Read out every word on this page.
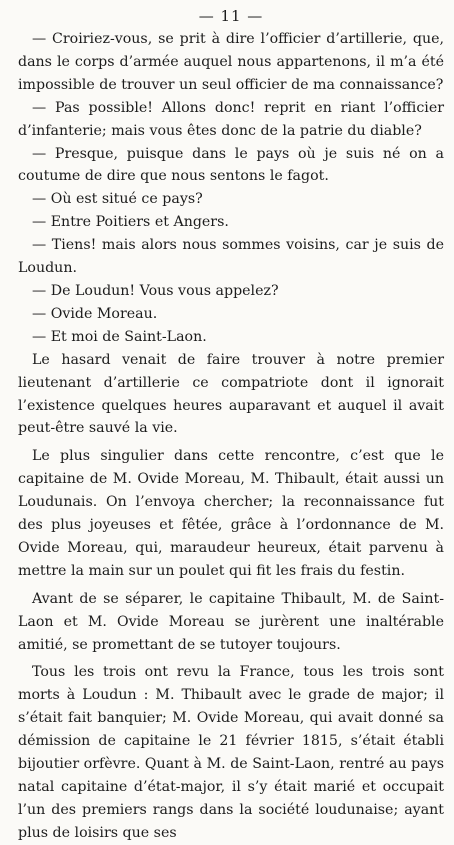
— 11 —

— Croiriez-vous, se prit à dire l’officier d’artillerie, que, dans le corps d’armée auquel nous appartenons, il m’a été impossible de trouver un seul officier de ma connaissance?

— Pas possible! Allons donc! reprit en riant l’officier d’infanterie; mais vous êtes donc de la patrie du diable?

— Presque, puisque dans le pays où je suis né on a coutume de dire que nous sentons le fagot.

— Où est situé ce pays?

— Entre Poitiers et Angers.

— Tiens! mais alors nous sommes voisins, car je suis de Loudun.

— De Loudun! Vous vous appelez?

— Ovide Moreau.

— Et moi de Saint-Laon.

Le hasard venait de faire trouver à notre premier lieutenant d’artillerie ce compatriote dont il ignorait l’existence quelques heures auparavant et auquel il avait peut-être sauvé la vie.

Le plus singulier dans cette rencontre, c’est que le capitaine de M. Ovide Moreau, M. Thibault, était aussi un Loudunais. On l’envoya chercher; la reconnaissance fut des plus joyeuses et fêtée, grâce à l’ordonnance de M. Ovide Moreau, qui, maraudeur heureux, était parvenu à mettre la main sur un poulet qui fit les frais du festin.

Avant de se séparer, le capitaine Thibault, M. de Saint-Laon et M. Ovide Moreau se jurèrent une inaltérable amitié, se promettant de se tutoyer toujours.

Tous les trois ont revu la France, tous les trois sont morts à Loudun : M. Thibault avec le grade de major; il s’était fait banquier; M. Ovide Moreau, qui avait donné sa démission de capitaine le 21 février 1815, s’était établi bijoutier orfèvre. Quant à M. de Saint-Laon, rentré au pays natal capitaine d’état-major, il s’y était marié et occupait l’un des premiers rangs dans la société loudunaise; ayant plus de loisirs que ses
